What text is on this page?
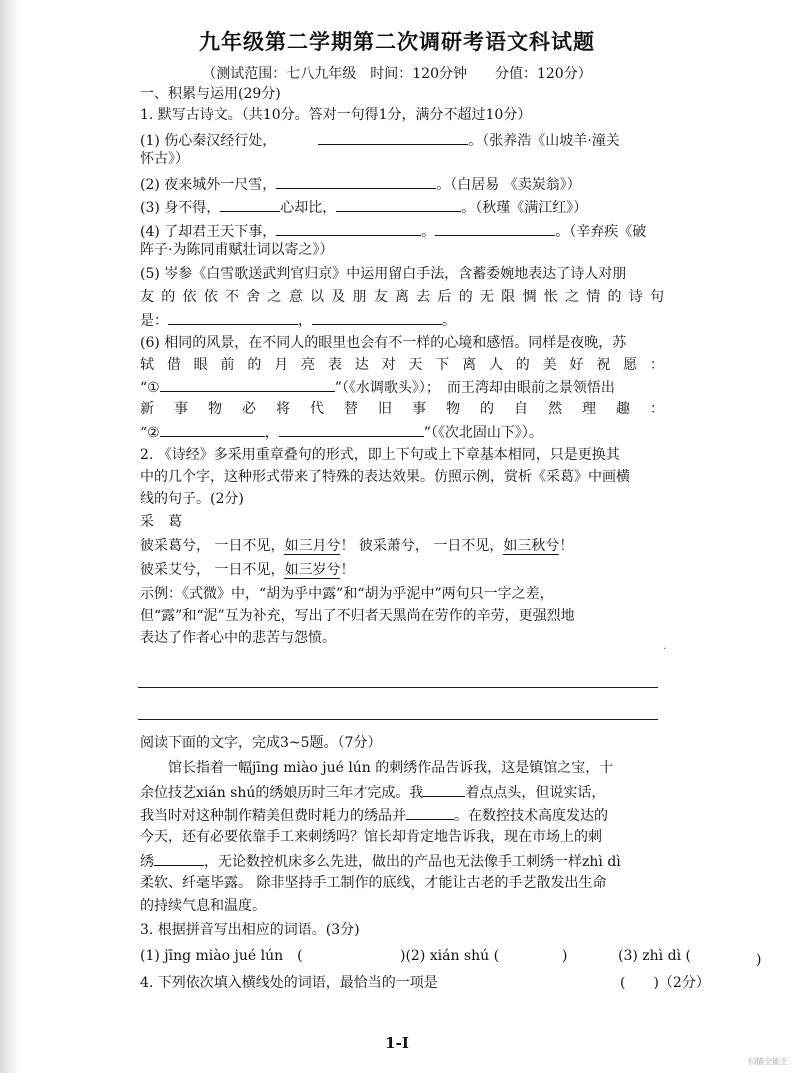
九年级第二学期第二次调研考语文科试题
（测试范围：七八九年级　时间：120分钟　　分值：120分）
一、积累与运用(29分)
1. 默写古诗文。（共10分。答对一句得1分，满分不超过10分）
(1) 伤心秦汉经行处，	。（张养浩《山坡羊·潼关
怀古》）
(2) 夜来城外一尺雪，	。（白居易 《卖炭翁》）
(3) 身不得，	心却比，	。（秋瑾《满江红》）
(4) 了却君王天下事，	。	。（辛弃疾《破
阵子·为陈同甫赋壮词以寄之》）
(5) 岑参《白雪歌送武判官归京》中运用留白手法，含蓄委婉地表达了诗人对朋
友的依依不舍之意以及朋友离去后的无限惆怅之情的诗句
是：	，	。
(6) 相同的风景，在不同人的眼里也会有不一样的心境和感悟。同样是夜晚，苏
轼借眼前的月亮表达对天下离人的美好祝愿：
“①	”（《水调歌头》）；　而王湾却由眼前之景领悟出
新事物必将代替旧事物的自然理趣：
“②	，	”（《次北固山下》）。
2. 《诗经》多采用重章叠句的形式，即上下句或上下章基本相同，只是更换其
中的几个字，这种形式带来了特殊的表达效果。仿照示例，赏析《采葛》中画横
线的句子。(2分)
采　葛
彼采葛兮， 一日不见，如三月兮！ 彼采萧兮， 一日不见，如三秋兮！
彼采艾兮， 一日不见，如三岁兮！
示例：《式微》中，“胡为乎中露”和“胡为乎泥中”两句只一字之差，
但“露”和“泥”互为补充，写出了不归者天黑尚在劳作的辛劳，更强烈地
表达了作者心中的悲苦与怨愤。
·
阅读下面的文字，完成3~5题。（7分）
馆长指着一幅jīng miào jué lún 的刺绣作品告诉我，这是镇馆之宝，十
余位技艺xián shú的绣娘历时三年才完成。我	着点点头，但说实话，
我当时对这种制作精美但费时耗力的绣品并	。在数控技术高度发达的
今天，还有必要依靠手工来刺绣吗？馆长却肯定地告诉我，现在市场上的刺
绣	，无论数控机床多么先进，做出的产品也无法像手工刺绣一样zhì dì
柔软、纤毫毕露。 除非坚持手工制作的底线，才能让古老的手艺散发出生命
的持续气息和温度。
3. 根据拼音写出相应的词语。(3分)
(1) jīng miào jué lún　(	)(2) xián shú (	)	(3) zhì dì (	)
4. 下列依次填入横线处的词语，最恰当的一项是	(　　)（2分）
1-I
扫描全能王
